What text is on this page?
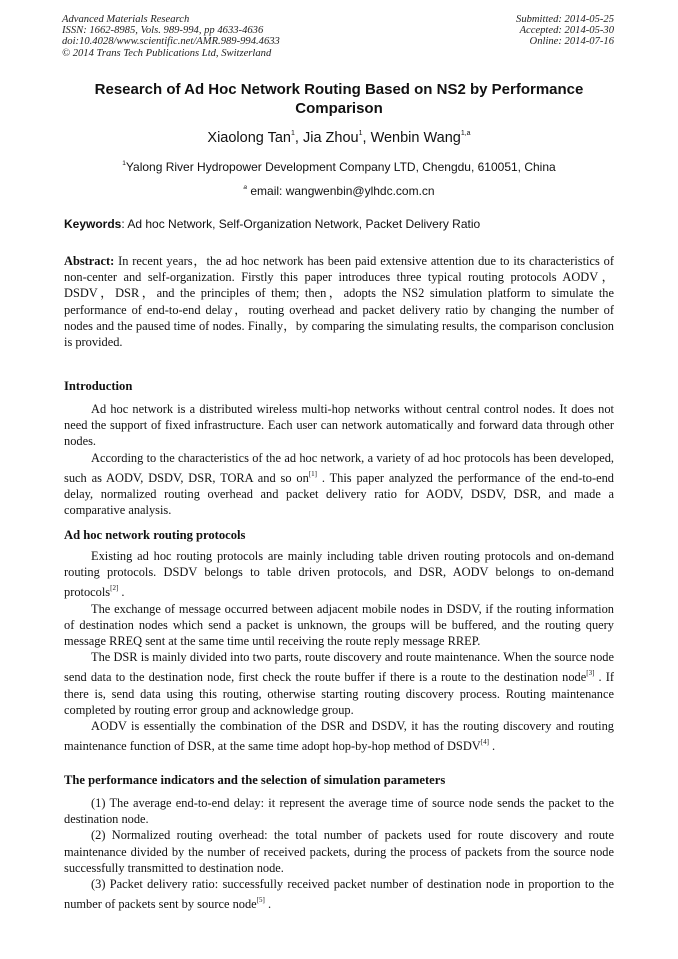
Advanced Materials Research
ISSN: 1662-8985, Vols. 989-994, pp 4633-4636
doi:10.4028/www.scientific.net/AMR.989-994.4633
© 2014 Trans Tech Publications Ltd, Switzerland
Submitted: 2014-05-25
Accepted: 2014-05-30
Online: 2014-07-16
Research of Ad Hoc Network Routing Based on NS2 by Performance
Comparison
Xiaolong Tan$^1$, Jia Zhou$^1$, Wenbin Wang$^{1,a}$
$^1$Yalong River Hydropower Development Company LTD, Chengdu, 610051, China
$^a$ email: wangwenbin@ylhdc.com.cn
Keywords: Ad hoc Network, Self-Organization Network, Packet Delivery Ratio

Abstract: In recent years，the ad hoc network has been paid extensive attention due to its characteristics of non-center and self-organization. Firstly this paper introduces three typical routing protocols AODV，DSDV，DSR，and the principles of them; then，adopts the NS2 simulation platform to simulate the performance of end-to-end delay，routing overhead and packet delivery ratio by changing the number of nodes and the paused time of nodes. Finally，by comparing the simulating results, the comparison conclusion is provided.

Introduction

Ad hoc network is a distributed wireless multi-hop networks without central control nodes. It does not need the support of fixed infrastructure. Each user can network automatically and forward data through other nodes.

According to the characteristics of the ad hoc network, a variety of ad hoc protocols has been developed, such as AODV, DSDV, DSR, TORA and so on[1] . This paper analyzed the performance of the end-to-end delay, normalized routing overhead and packet delivery ratio for AODV, DSDV, DSR, and made a comparative analysis.

Ad hoc network routing protocols

Existing ad hoc routing protocols are mainly including table driven routing protocols and on-demand routing protocols. DSDV belongs to table driven protocols, and DSR, AODV belongs to on-demand protocols[2] .

The exchange of message occurred between adjacent mobile nodes in DSDV, if the routing information of destination nodes which send a packet is unknown, the groups will be buffered, and the routing query message RREQ sent at the same time until receiving the route reply message RREP.

The DSR is mainly divided into two parts, route discovery and route maintenance. When the source node send data to the destination node, first check the route buffer if there is a route to the destination node[3] . If there is, send data using this routing, otherwise starting routing discovery process. Routing maintenance completed by routing error group and acknowledge group.

AODV is essentially the combination of the DSR and DSDV, it has the routing discovery and routing maintenance function of DSR, at the same time adopt hop-by-hop method of DSDV[4] .

The performance indicators and the selection of simulation parameters

(1) The average end-to-end delay: it represent the average time of source node sends the packet to the destination node.

(2) Normalized routing overhead: the total number of packets used for route discovery and route maintenance divided by the number of received packets, during the process of packets from the source node successfully transmitted to destination node.

(3) Packet delivery ratio: successfully received packet number of destination node in proportion to the number of packets sent by source node[5] .
